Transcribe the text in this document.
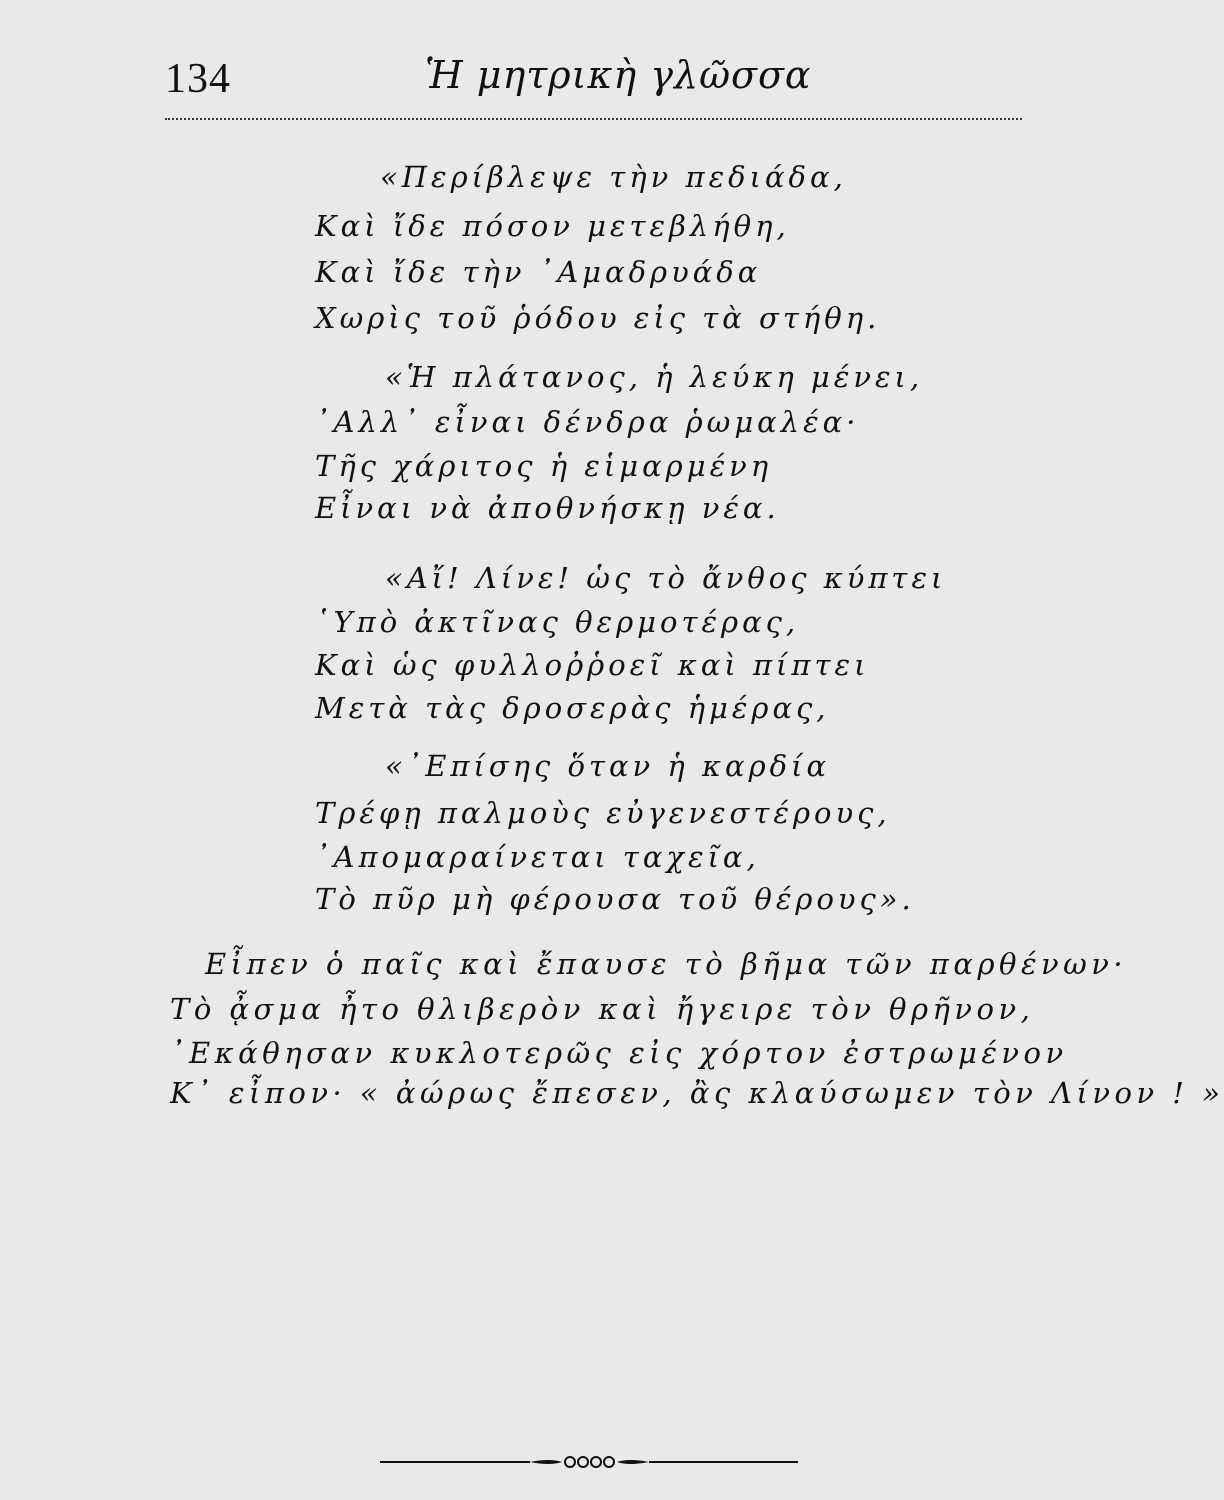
134	Ἡ μητρικὴ γλῶσσα
«Περίβλεψε τὴν πεδιάδα,
Καὶ ἴδε πόσον μετεβλήθη,
Καὶ ἴδε τὴν ᾿Αμαδρυάδα
Χωρὶς τοῦ ῥόδου εἰς τὰ στήθη.
«Ἡ πλάτανος, ἡ λεύκη μένει,
᾿Αλλ᾿ εἶναι δένδρα ῥωμαλέα·
Τῆς χάριτος ἡ εἱμαρμένη
Εἶναι νὰ ἀποθνήσκῃ νέα.
«Αἴ! Λίνε! ὡς τὸ ἄνθος κύπτει
῾Υπὸ ἀκτῖνας θερμοτέρας,
Καὶ ὡς φυλλοῤῥοεῖ καὶ πίπτει
Μετὰ τὰς δροσερὰς ἡμέρας,
«᾿Επίσης ὅταν ἡ καρδία
Τρέφῃ παλμοὺς εὐγενεστέρους,
᾿Απομαραίνεται ταχεῖα,
Τὸ πῦρ μὴ φέρουσα τοῦ θέρους».
Εἶπεν ὁ παῖς καὶ ἔπαυσε τὸ βῆμα τῶν παρθένων·
Τὸ ᾆσμα ἦτο θλιβερὸν καὶ ἤγειρε τὸν θρῆνον,
᾿Εκάθησαν κυκλοτερῶς εἰς χόρτον ἐστρωμένον
Κ᾿ εἶπον· « ἀώρως ἔπεσεν, ἂς κλαύσωμεν τὸν Λίνον ! »
